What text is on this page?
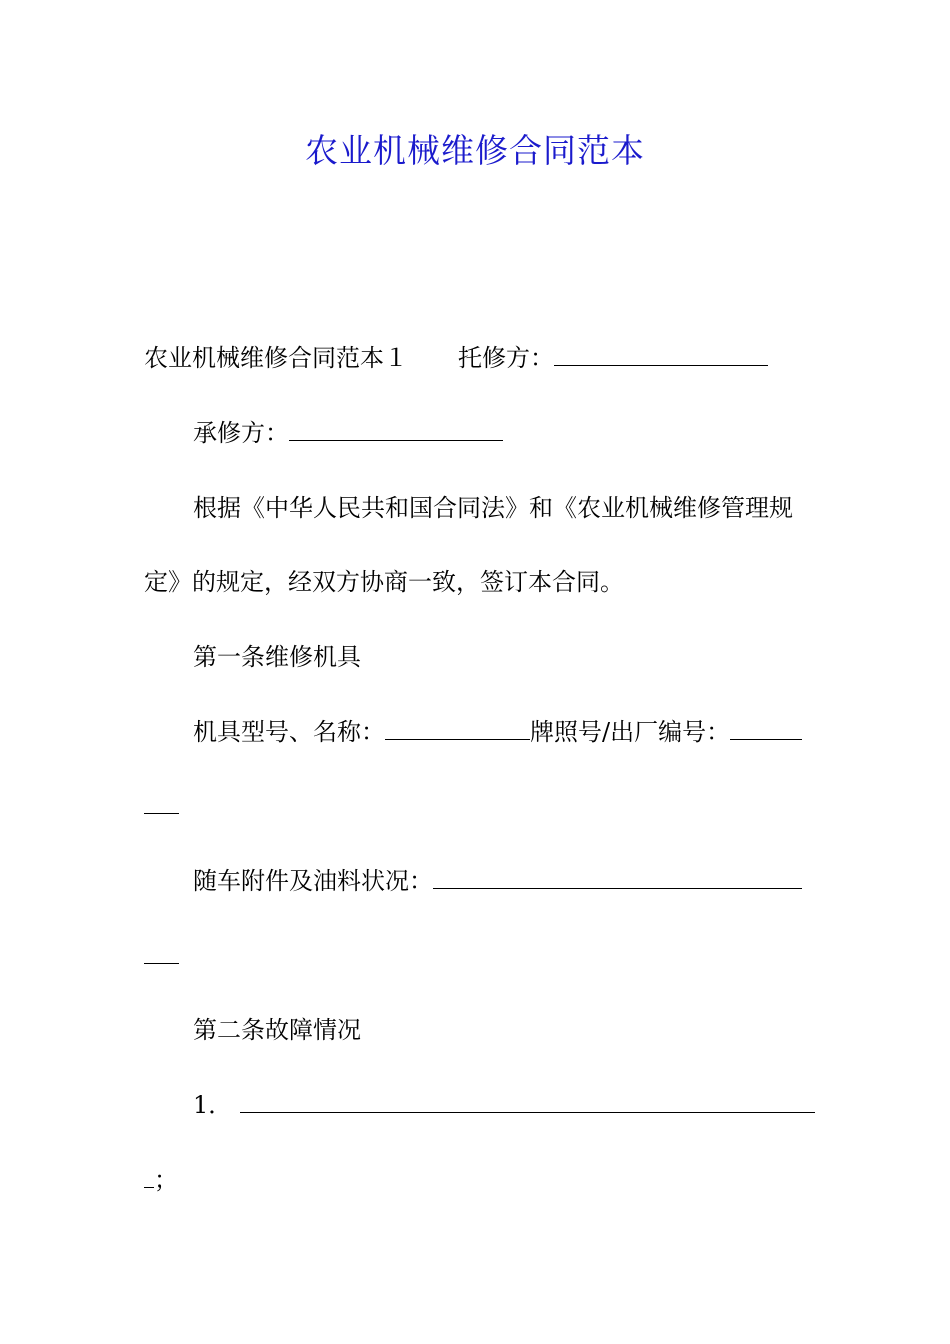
农业机械维修合同范本
农业机械维修合同范本１ 托修方：
承修方：
根据《中华人民共和国合同法》和《农业机械维修管理规
定》的规定，经双方协商一致，签订本合同。
第一条维修机具
机具型号、名称：	牌照号/出厂编号：
随车附件及油料状况：
第二条故障情况
1．
；
